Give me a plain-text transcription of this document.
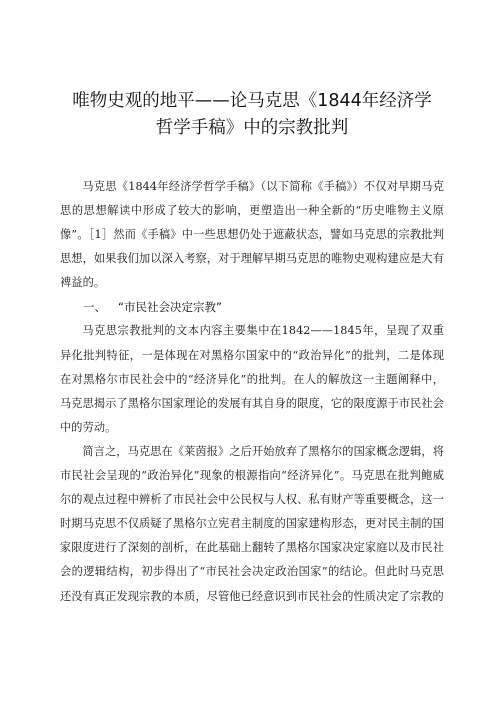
唯物史观的地平——论马克思《1844年经济学
哲学手稿》中的宗教批判

马克思《1844年经济学哲学手稿》（以下简称《手稿》）不仅对早期马克思的思想解读中形成了较大的影响，更塑造出一种全新的“历史唯物主义原像”。［1］然而《手稿》中一些思想仍处于遮蔽状态，譬如马克思的宗教批判思想，如果我们加以深入考察，对于理解早期马克思的唯物史观构建应是大有裨益的。

一、 “市民社会决定宗教”

马克思宗教批判的文本内容主要集中在1842——1845年，呈现了双重异化批判特征，一是体现在对黑格尔国家中的“政治异化”的批判，二是体现在对黑格尔市民社会中的“经济异化”的批判。在人的解放这一主题阐释中，马克思揭示了黑格尔国家理论的发展有其自身的限度，它的限度源于市民社会中的劳动。

简言之，马克思在《莱茵报》之后开始放弃了黑格尔的国家概念逻辑，将市民社会呈现的“政治异化”现象的根源指向“经济异化”。马克思在批判鲍威尔的观点过程中辨析了市民社会中公民权与人权、私有财产等重要概念，这一时期马克思不仅质疑了黑格尔立宪君主制度的国家建构形态，更对民主制的国家限度进行了深刻的剖析，在此基础上翻转了黑格尔国家决定家庭以及市民社会的逻辑结构，初步得出了“市民社会决定政治国家”的结论。但此时马克思还没有真正发现宗教的本质，尽管他已经意识到市民社会的性质决定了宗教的
